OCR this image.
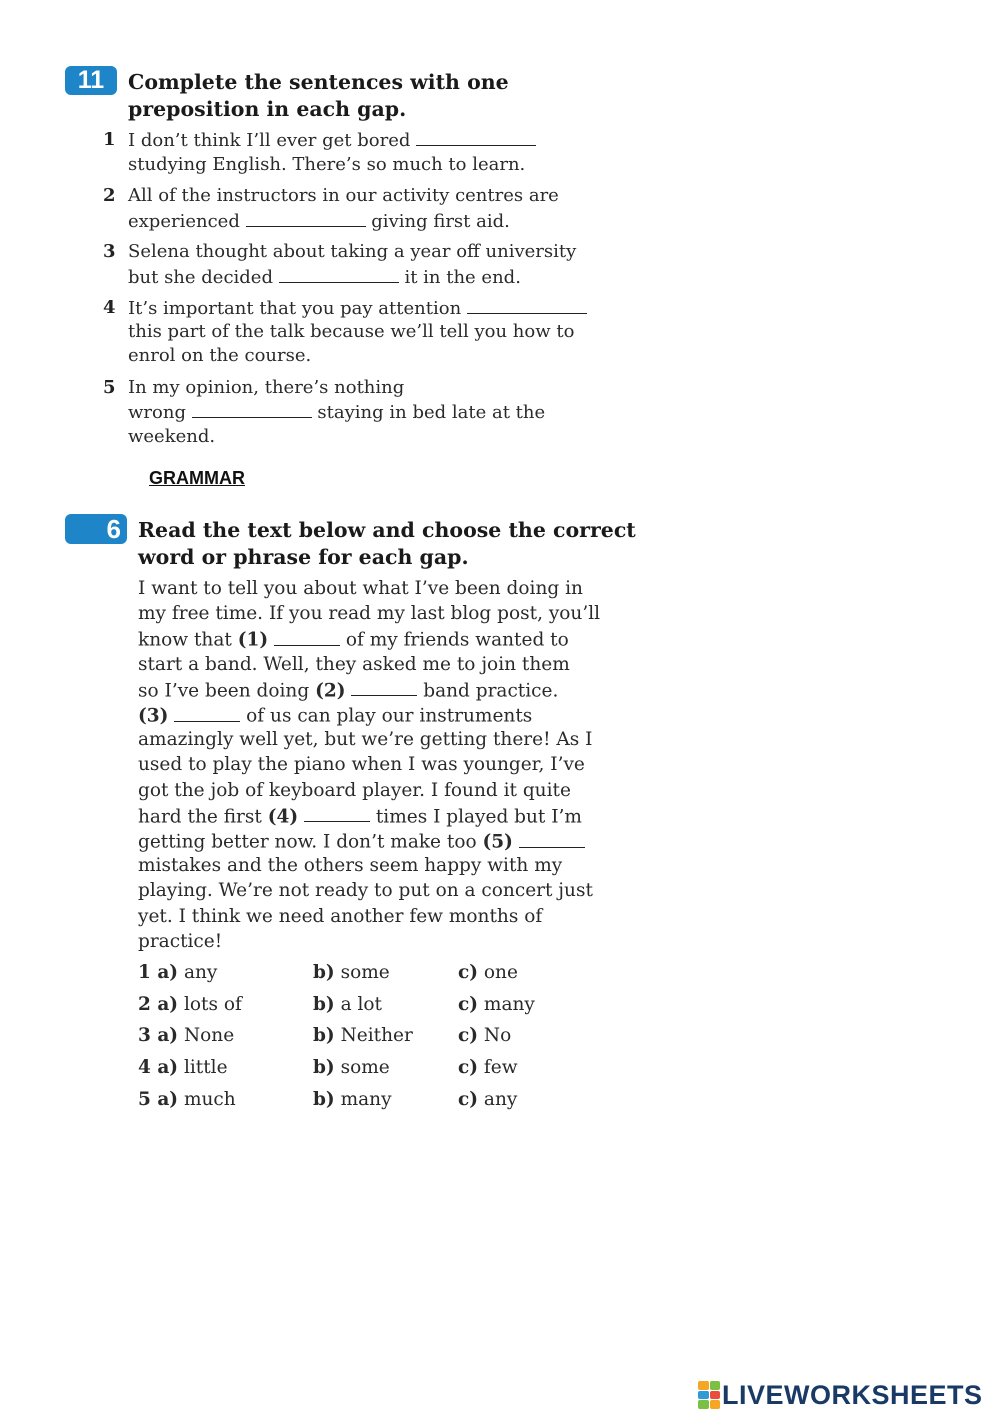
11	Complete the sentences with one
preposition in each gap.
1 I don’t think I’ll ever get bored
studying English. There’s so much to learn.
2 All of the instructors in our activity centres are
experienced	giving first aid.
3 Selena thought about taking a year off university
but she decided	it in the end.
4 It’s important that you pay attention
this part of the talk because we’ll tell you how to
enrol on the course.
5 In my opinion, there’s nothing
wrong	staying in bed late at the
weekend.
GRAMMAR
6 Read the text below and choose the correct
word or phrase for each gap.
I want to tell you about what I’ve been doing in
my free time. If you read my last blog post, you’ll
know that (1)	of my friends wanted to
start a band. Well, they asked me to join them
so I’ve been doing (2)	band practice.
(3)	of us can play our instruments
amazingly well yet, but we’re getting there! As I
used to play the piano when I was younger, I’ve
got the job of keyboard player. I found it quite
hard the first (4)	times I played but I’m
getting better now. I don’t make too (5)
mistakes and the others seem happy with my
playing. We’re not ready to put on a concert just
yet. I think we need another few months of
practice!
1 a) any	b) some	c) one
2 a) lots of	b) a lot	c) many
3 a) None	b) Neither c) No
4 a) little	b) some	c) few
5 a) much	b) many	c) any
LIVEWORKSHEETS
